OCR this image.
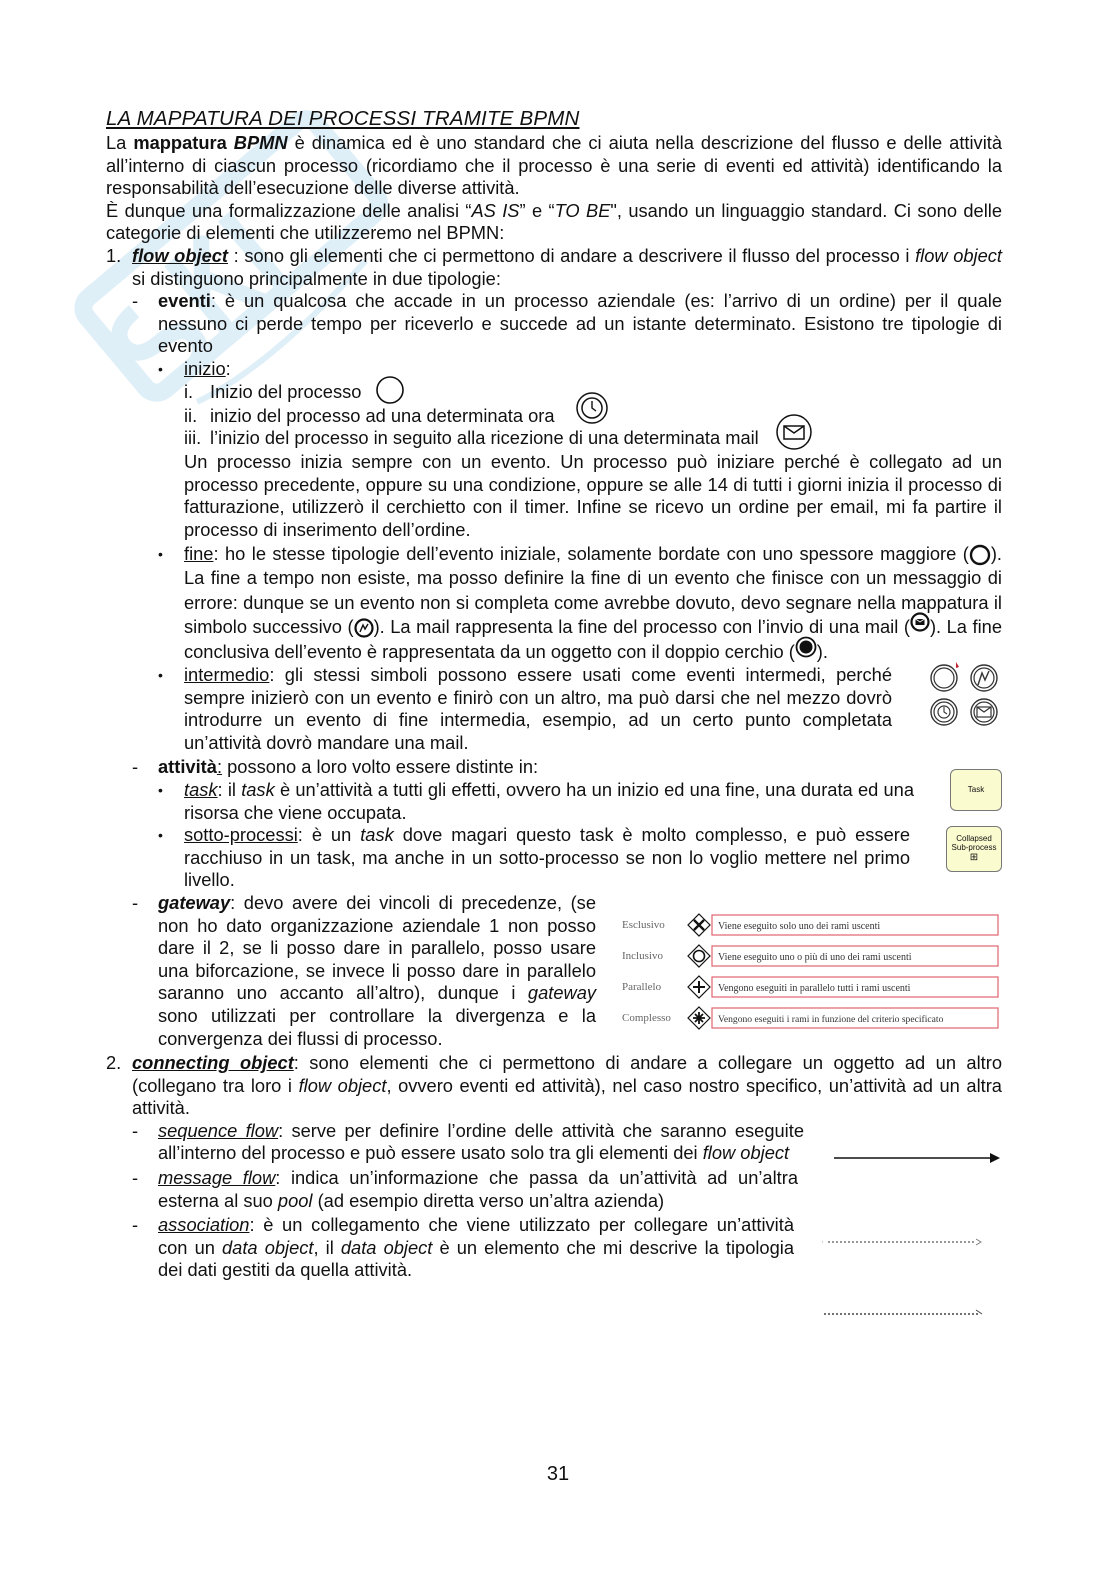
LA MAPPATURA DEI PROCESSI TRAMITE BPMN

La mappatura BPMN è dinamica ed è uno standard che ci aiuta nella descrizione del flusso e delle attività all’interno di ciascun processo (ricordiamo che il processo è una serie di eventi ed attività) identificando la responsabilità dell’esecuzione delle diverse attività.

È dunque una formalizzazione delle analisi “AS IS” e “TO BE", usando un linguaggio standard. Ci sono delle categorie di elementi che utilizzeremo nel BPMN:

1. flow object : sono gli elementi che ci permettono di andare a descrivere il flusso del processo i flow object si distinguono principalmente in due tipologie:

-	eventi: è un qualcosa che accade in un processo aziendale (es: l’arrivo di un ordine) per il quale nessuno ci perde tempo per riceverlo e succede ad un istante determinato. Esistono tre tipologie di evento

•	inizio:

i. Inizio del processo
ii. inizio del processo ad una determinata ora
iii. l’inizio del processo in seguito alla ricezione di una determinata mail

Un processo inizia sempre con un evento. Un processo può iniziare perché è collegato ad un processo precedente, oppure su una condizione, oppure se alle 14 di tutti i giorni inizia il processo di fatturazione, utilizzerò il cerchietto con il timer. Infine se ricevo un ordine per email, mi fa partire il processo di inserimento dell’ordine.

•	fine: ho le stesse tipologie dell’evento iniziale, solamente bordate con uno spessore maggiore ( ). La fine a tempo non esiste, ma posso definire la fine di un evento che finisce con un messaggio di errore: dunque se un evento non si completa come avrebbe dovuto, devo segnare nella mappatura il simbolo successivo ( ). La mail rappresenta la fine del processo con l’invio di una mail ( ). La fine conclusiva dell’evento è rappresentata da un oggetto con il doppio cerchio ( ).

•	intermedio: gli stessi simboli possono essere usati come eventi intermedi, perché sempre inizierò con un evento e finirò con un altro, ma può darsi che nel mezzo dovrò introdurre un evento di fine intermedia, esempio, ad un certo punto completata un’attività dovrò mandare una mail.

-	attività: possono a loro volto essere distinte in:

•	task: il task è un’attività a tutti gli effetti, ovvero ha un inizio ed una fine, una durata ed una risorsa che viene occupata.

Task
•	sotto-processi: è un task dove magari questo task è molto complesso, e può essere racchiuso in un task, ma anche in un sotto-processo se non lo voglio mettere nel primo livello.

Collapsed
Sub-process
⊞
-	gateway: devo avere dei vincoli di precedenze, (se non ho dato organizzazione aziendale 1 non posso dare il 2, se li posso dare in parallelo, posso usare una biforcazione, se invece li posso dare in parallelo saranno uno accanto all’altro), dunque i gateway sono utilizzati per controllare la divergenza e la convergenza dei flussi di processo.

Esclusivo	Viene eseguito solo uno dei rami uscenti
Inclusivo	Viene eseguito uno o più di uno dei rami uscenti
Parallelo	Vengono eseguiti in parallelo tutti i rami uscenti
Complesso	Vengono eseguiti i rami in funzione del criterio specificato
2. connecting object: sono elementi che ci permettono di andare a collegare un oggetto ad un altro (collegano tra loro i flow object, ovvero eventi ed attività), nel caso nostro specifico, un’attività ad un altra attività.

-	sequence flow: serve per definire l’ordine delle attività che saranno eseguite all’interno del processo e può essere usato solo tra gli elementi dei flow object

-	message flow: indica un’informazione che passa da un’attività ad un’altra esterna al suo pool (ad esempio diretta verso un’altra azienda)

-	association: è un collegamento che viene utilizzato per collegare un’attività con un data object, il data object è un elemento che mi descrive la tipologia dei dati gestiti da quella attività.

31
